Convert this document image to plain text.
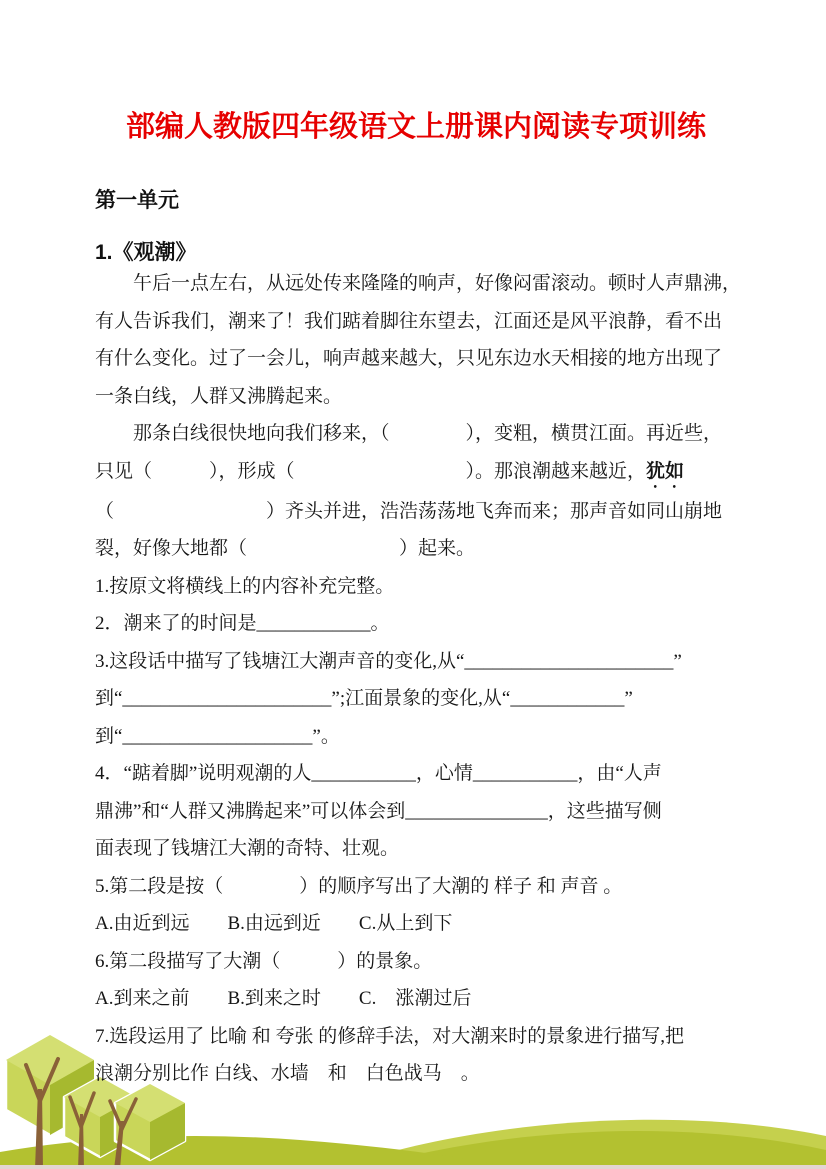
部编人教版四年级语文上册课内阅读专项训练
第一单元
1.《观潮》
午后一点左右，从远处传来隆隆的响声，好像闷雷滚动。顿时人声鼎沸，
有人告诉我们，潮来了！我们踮着脚往东望去，江面还是风平浪静，看不出
有什么变化。过了一会儿，响声越来越大，只见东边水天相接的地方出现了
一条白线，人群又沸腾起来。
那条白线很快地向我们移来，（　　　　），变粗，横贯江面。再近些，
只见（　　　），形成（　　　　　　　　　）。那浪潮越来越近，犹如
（　　　　　　　　）齐头并进，浩浩荡荡地飞奔而来；那声音如同山崩地
裂，好像大地都（　　　　　　　　）起来。
1.按原文将横线上的内容补充完整。
2．潮来了的时间是____________。
3.这段话中描写了钱塘江大潮声音的变化,从“______________________”
到“______________________”;江面景象的变化,从“____________”
到“____________________”。
4．“踮着脚”说明观潮的人___________，心情___________，由“人声
鼎沸”和“人群又沸腾起来”可以体会到_______________，这些描写侧
面表现了钱塘江大潮的奇特、壮观。
5.第二段是按（　　　　）的顺序写出了大潮的 样子 和 声音 。
A.由近到远　　B.由远到近　　C.从上到下
6.第二段描写了大潮（　　　）的景象。
A.到来之前　　B.到来之时　　C.　涨潮过后
7.选段运用了 比喻 和 夸张 的修辞手法，对大潮来时的景象进行描写,把
浪潮分别比作 白线、水墙　和　白色战马　。
